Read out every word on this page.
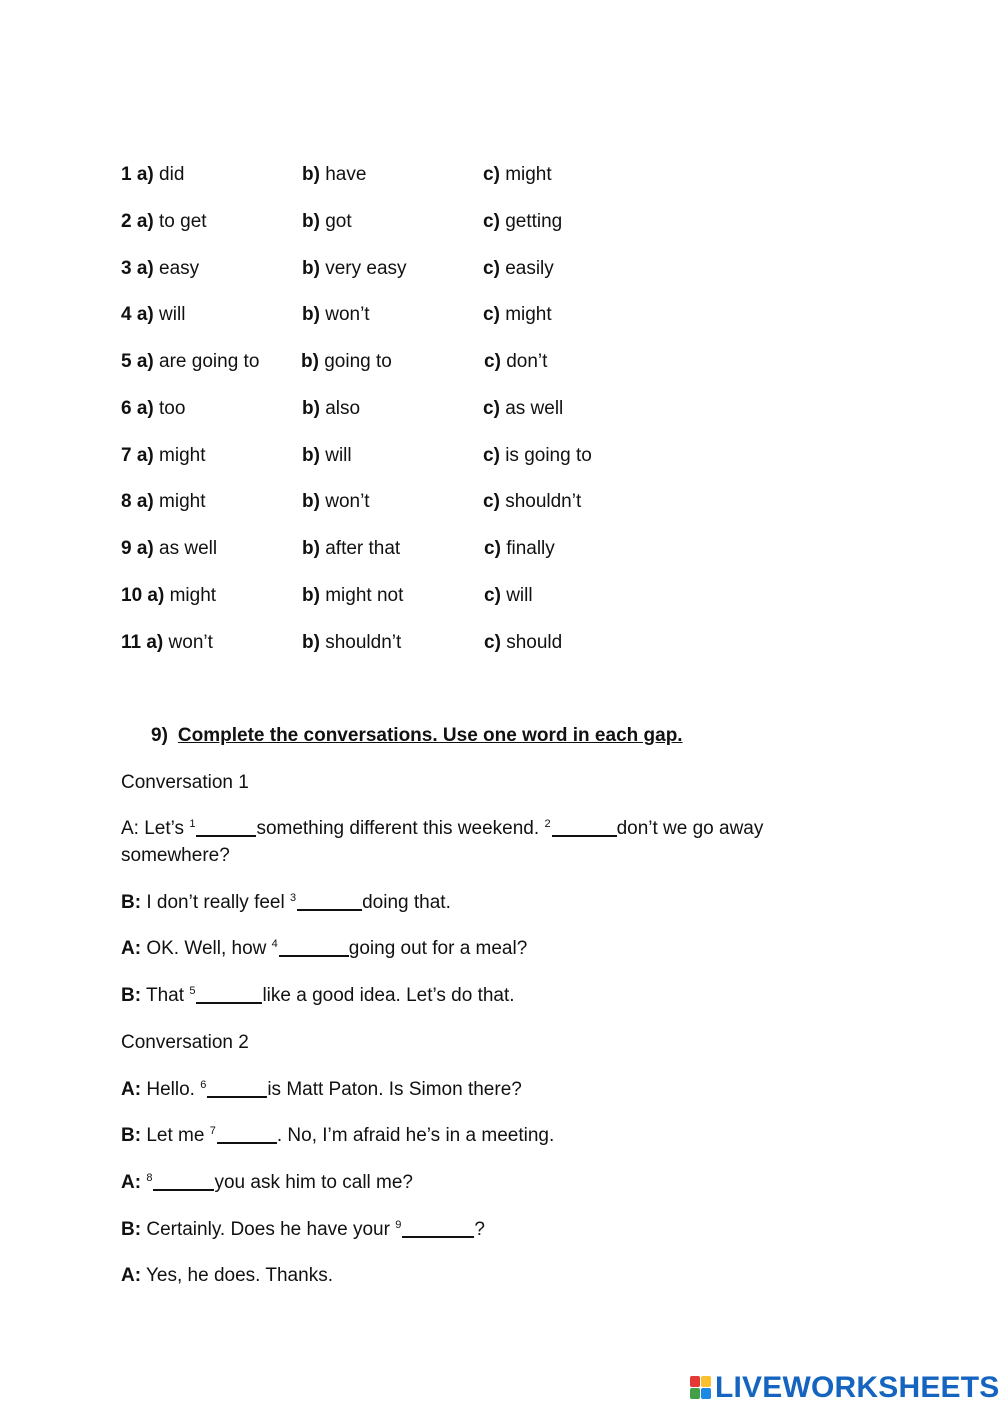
1 a) did	b) have	c) might
2 a) to get	b) got	c) getting
3 a) easy	b) very easy	c) easily
4 a) will	b) won’t	c) might
5 a) are going to b) going to	c) don’t
6 a) too	b) also	c) as well
7 a) might	b) will	c) is going to
8 a) might	b) won’t	c) shouldn’t
9 a) as well	b) after that	c) finally
10 a) might	b) might not	c) will
11 a) won’t	b) shouldn’t	c) should
9) Complete the conversations. Use one word in each gap.
Conversation 1
A: Let’s $^1$	something different this weekend. $^2$	don’t we go away
somewhere?
B: I don’t really feel $^3$	doing that.
A: OK. Well, how $^4$	going out for a meal?
B: That $^5$	like a good idea. Let’s do that.
Conversation 2
A: Hello. $^6$	is Matt Paton. Is Simon there?
B: Let me $^7$	. No, I’m afraid he’s in a meeting.
A: $^8$	you ask him to call me?
B: Certainly. Does he have your $^9$	?
A: Yes, he does. Thanks.
LIVEWORKSHEETS
